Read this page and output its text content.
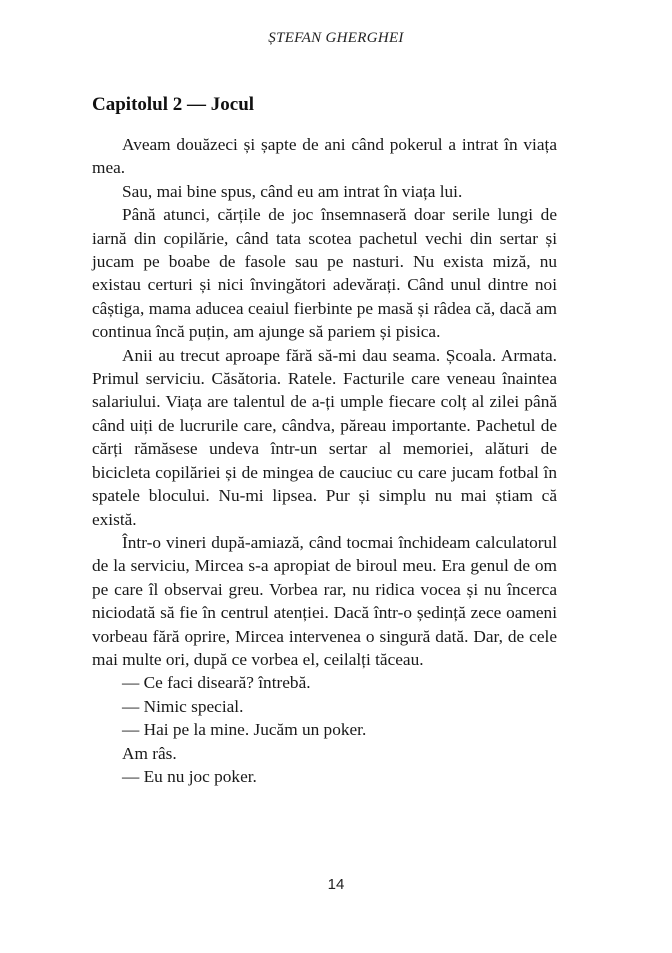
ȘTEFAN GHERGHEI
Capitolul 2 — Jocul

Aveam douăzeci și șapte de ani când pokerul a intrat în viața mea.

Sau, mai bine spus, când eu am intrat în viața lui.

Până atunci, cărțile de joc însemnaseră doar serile lungi de iarnă din copilărie, când tata scotea pachetul vechi din sertar și jucam pe boabe de fasole sau pe nasturi. Nu exista miză, nu existau certuri și nici învingători adevărați. Când unul dintre noi câștiga, mama aducea ceaiul fierbinte pe masă și râdea că, dacă am continua încă puțin, am ajunge să pariem și pisica.

Anii au trecut aproape fără să-mi dau seama. Școala. Armata. Primul serviciu. Căsătoria. Ratele. Facturile care veneau înaintea salariului. Viața are talentul de a-ți umple fiecare colț al zilei până când uiți de lucrurile care, cândva, păreau importante. Pachetul de cărți rămăsese undeva într-un sertar al memoriei, alături de bicicleta copilăriei și de mingea de cauciuc cu care jucam fotbal în spatele blocului. Nu-mi lipsea. Pur și simplu nu mai știam că există.

Într-o vineri după-amiază, când tocmai închideam calculatorul de la serviciu, Mircea s-a apropiat de biroul meu. Era genul de om pe care îl observai greu. Vorbea rar, nu ridica vocea și nu încerca niciodată să fie în centrul atenției. Dacă într-o ședință zece oameni vorbeau fără oprire, Mircea intervenea o singură dată. Dar, de cele mai multe ori, după ce vorbea el, ceilalți tăceau.

— Ce faci diseară? întrebă.

— Nimic special.

— Hai pe la mine. Jucăm un poker.

Am râs.

— Eu nu joc poker.

14
